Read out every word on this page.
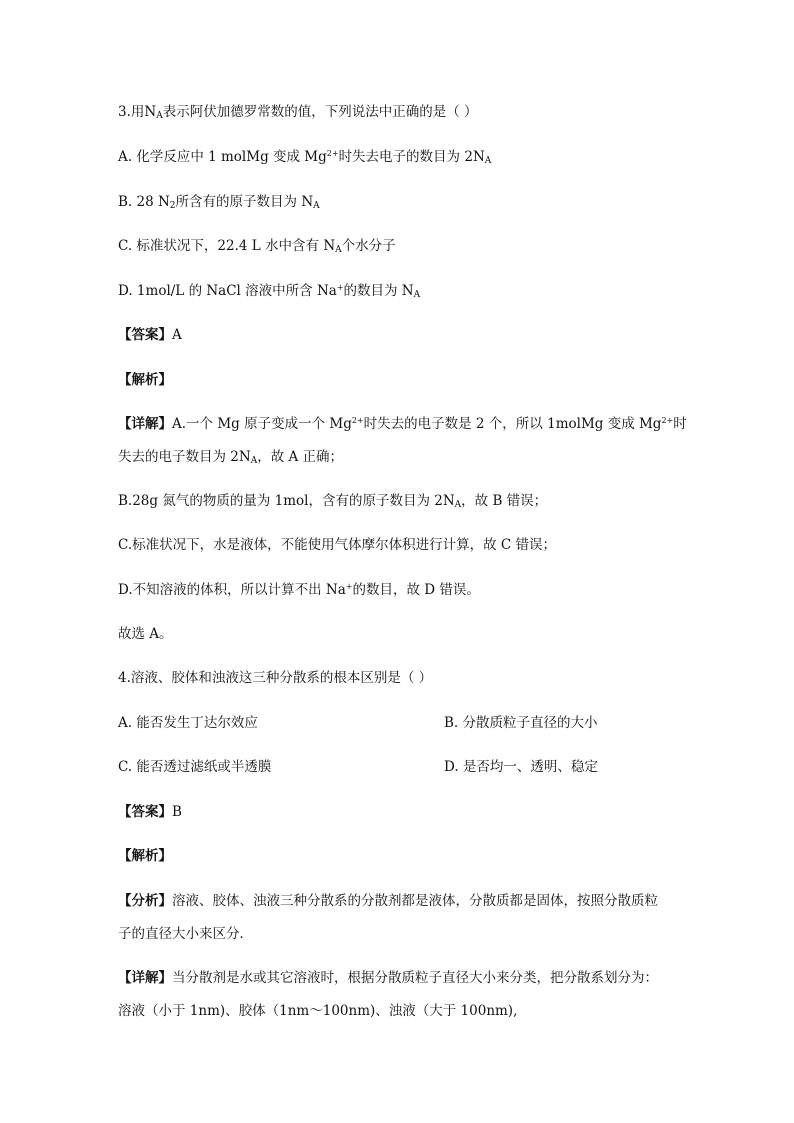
3.用$N_A$表示阿伏加德罗常数的值，下列说法中正确的是（ ）
A. 化学反应中 1 molMg 变成 $Mg^{2+}$时失去电子的数目为 $2N_A$
B. 28 $N_2$所含有的原子数目为 $N_A$
C. 标准状况下，22.4 L 水中含有 $N_A$个水分子
D. 1mol/L 的 NaCl 溶液中所含 Na+的数目为 $N_A$
【答案】A
【解析】
【详解】A.一个 Mg 原子变成一个 $Mg^{2+}$时失去的电子数是 2 个，所以 1molMg 变成 $Mg^{2+}$时
失去的电子数目为 $2N_A$，故 A 正确；
B.28g 氮气的物质的量为 1mol，含有的原子数目为 $2N_A$，故 B 错误；
C.标准状况下，水是液体，不能使用气体摩尔体积进行计算，故 C 错误；
D.不知溶液的体积，所以计算不出 Na+的数目，故 D 错误。
故选 A。
4.溶液、胶体和浊液这三种分散系的根本区别是（ ）
A. 能否发生丁达尔效应	B. 分散质粒子直径的大小
C. 能否透过滤纸或半透膜	D. 是否均一、透明、稳定
【答案】B
【解析】
【分析】溶液、胶体、浊液三种分散系的分散剂都是液体，分散质都是固体，按照分散质粒
子的直径大小来区分．
【详解】当分散剂是水或其它溶液时，根据分散质粒子直径大小来分类，把分散系划分为：
溶液（小于 1nm)、胶体（1nm～100nm)、浊液（大于 100nm),
